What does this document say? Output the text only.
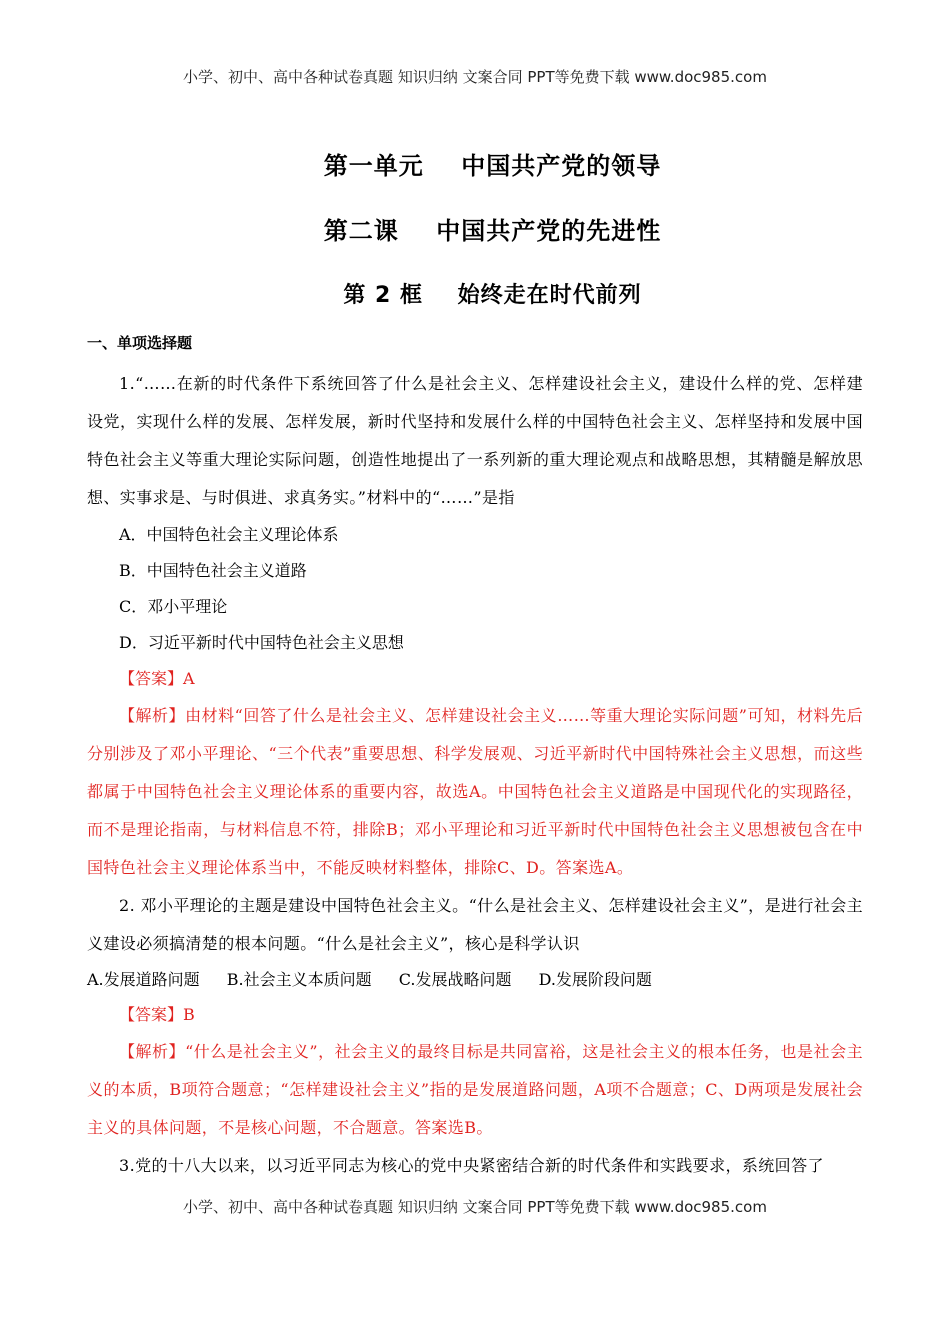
小学、初中、高中各种试卷真题 知识归纳 文案合同 PPT等免费下载 www.doc985.com
第一单元    中国共产党的领导
第二课    中国共产党的先进性
第 2 框    始终走在时代前列
一、单项选择题

1.“……在新的时代条件下系统回答了什么是社会主义、怎样建设社会主义，建设什么样的党、怎样建设党，实现什么样的发展、怎样发展，新时代坚持和发展什么样的中国特色社会主义、怎样坚持和发展中国特色社会主义等重大理论实际问题，创造性地提出了一系列新的重大理论观点和战略思想，其精髓是解放思想、实事求是、与时俱进、求真务实。”材料中的“……”是指

A．中国特色社会主义理论体系

B．中国特色社会主义道路

C．邓小平理论

D．习近平新时代中国特色社会主义思想

【答案】A

【解析】由材料“回答了什么是社会主义、怎样建设社会主义……等重大理论实际问题”可知，材料先后分别涉及了邓小平理论、“三个代表”重要思想、科学发展观、习近平新时代中国特殊社会主义思想，而这些都属于中国特色社会主义理论体系的重要内容，故选A。中国特色社会主义道路是中国现代化的实现路径，而不是理论指南，与材料信息不符，排除B；邓小平理论和习近平新时代中国特色社会主义思想被包含在中国特色社会主义理论体系当中，不能反映材料整体，排除C、D。答案选A。

2. 邓小平理论的主题是建设中国特色社会主义。“什么是社会主义、怎样建设社会主义”，是进行社会主义建设必须搞清楚的根本问题。“什么是社会主义”，核心是科学认识

A.发展道路问题 B.社会主义本质问题 C.发展战略问题 D.发展阶段问题

【答案】B

【解析】“什么是社会主义”，社会主义的最终目标是共同富裕，这是社会主义的根本任务，也是社会主义的本质，B项符合题意；“怎样建设社会主义”指的是发展道路问题，A项不合题意；C、D两项是发展社会主义的具体问题，不是核心问题，不合题意。答案选B。

3.党的十八大以来，以习近平同志为核心的党中央紧密结合新的时代条件和实践要求，系统回答了

小学、初中、高中各种试卷真题 知识归纳 文案合同 PPT等免费下载 www.doc985.com
